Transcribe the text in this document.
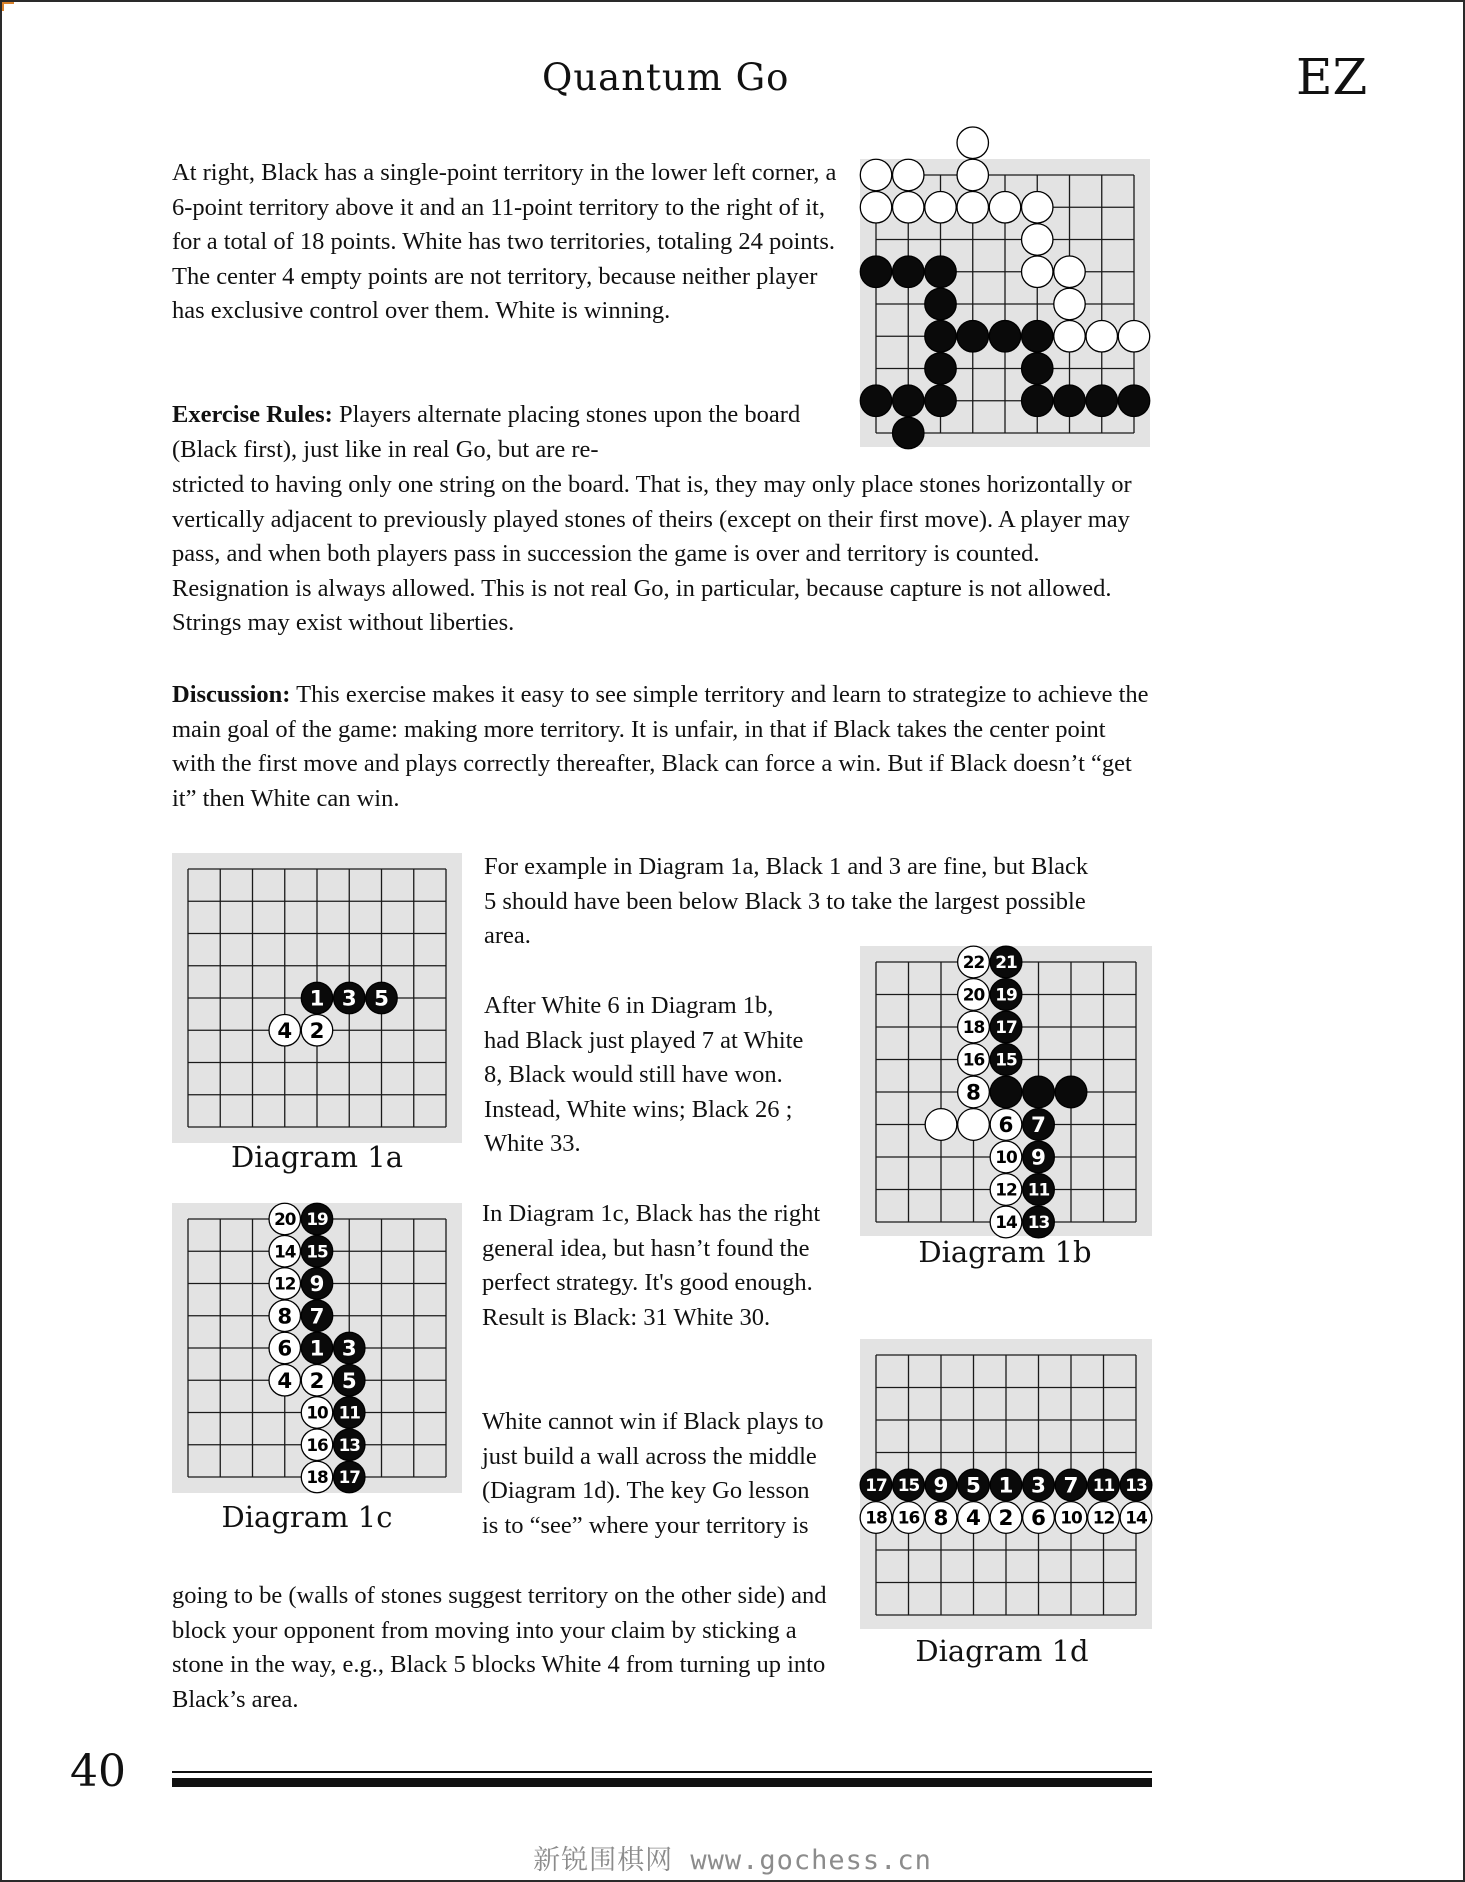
Quantum Go	EZ

At right, Black has a single-point territory in the lower left corner, a 6-point territory above it and an 11-point territory to the right of it, for a total of 18 points. White has two territories, totaling 24 points. The center 4 empty points are not territory, because neither player has exclusive control over them. White is winning.

Exercise Rules: Players alternate placing stones upon the board (Black first), just like in real Go, but are re-

stricted to having only one string on the board. That is, they may only place stones horizontally or vertically adjacent to previously played stones of theirs (except on their first move). A player may pass, and when both players pass in succession the game is over and territory is counted. Resignation is always allowed. This is not real Go, in particular, because capture is not allowed. Strings may exist without liberties.

Discussion: This exercise makes it easy to see simple territory and learn to strategize to achieve the main goal of the game: making more territory. It is unfair, in that if Black takes the center point with the first move and plays correctly thereafter, Black can force a win. But if Black doesn’t “get it” then White can win.

For example in Diagram 1a, Black 1 and 3 are fine, but Black 5 should have been below Black 3 to take the largest possible area.

After White 6 in Diagram 1b, had Black just played 7 at White 8, Black would still have won. Instead, White wins; Black 26 ; White 33.

In Diagram 1c, Black has the right general idea, but hasn’t found the perfect strategy. It's good enough. Result is Black: 31 White 30.

White cannot win if Black plays to just build a wall across the middle (Diagram 1d). The key Go lesson is to “see” where your territory is

going to be (walls of stones suggest territory on the other side) and block your opponent from moving into your claim by sticking a stone in the way, e.g., Black 5 blocks White 4 from turning up into Black’s area.

1
2
3
4
5
Diagram 1a
6 7
8
9
10
11
12
13
14
15
16
17
18
19
20
21
22
Diagram 1b
1
2
3
4 5
6
7
8
9
10 11
12
13
14 15
16
17
18
19
20
Diagram 1c
1
2
3
4
5
6
7
8
9
10
11
12
13
14
15
16
17
18
Diagram 1d
40
新锐围棋网 www.gochess.cn
